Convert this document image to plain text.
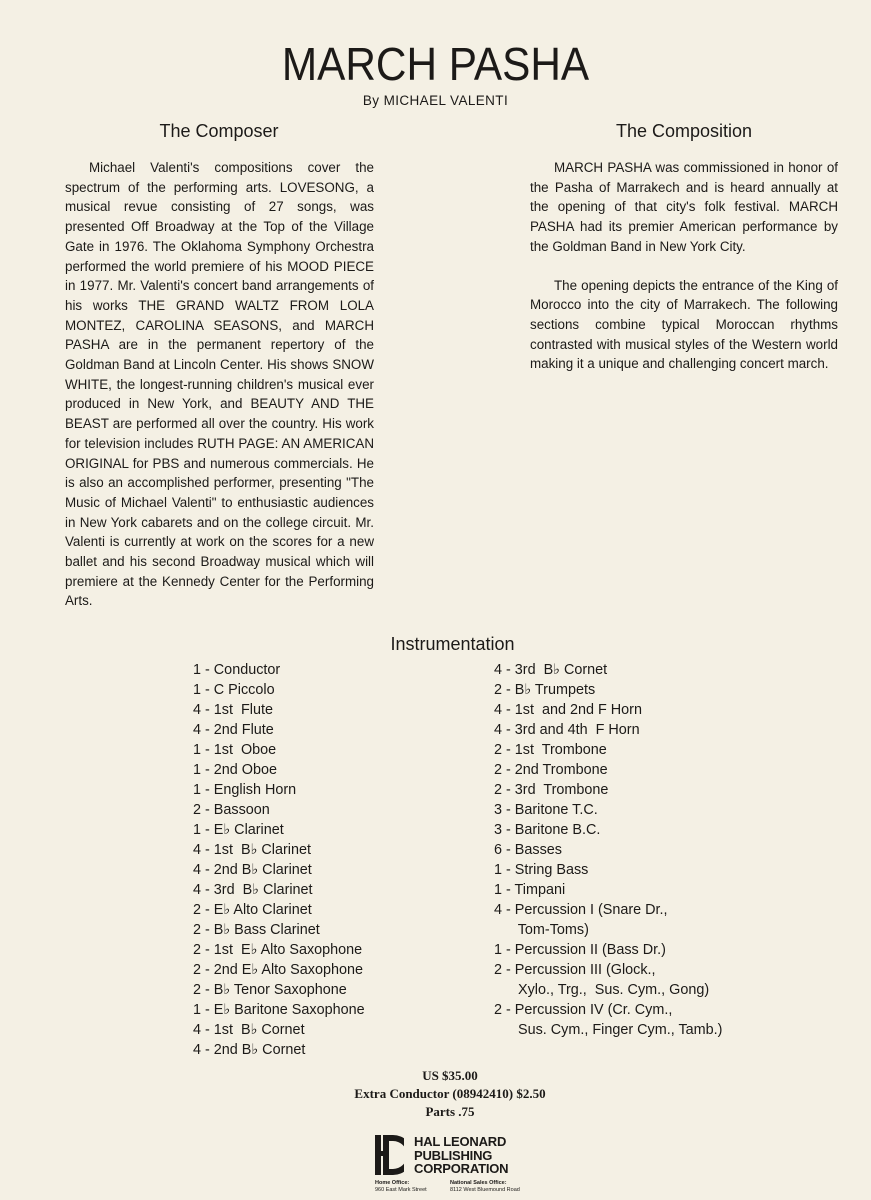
MARCH PASHA
By MICHAEL VALENTI
The Composer	The Composition

Michael Valenti's compositions cover the spectrum of the performing arts. LOVESONG, a musical revue consisting of 27 songs, was presented Off Broadway at the Top of the Village Gate in 1976. The Oklahoma Symphony Orchestra performed the world premiere of his MOOD PIECE in 1977. Mr. Valenti's concert band arrangements of his works THE GRAND WALTZ FROM LOLA MONTEZ, CAROLINA SEASONS, and MARCH PASHA are in the permanent repertory of the Goldman Band at Lincoln Center. His shows SNOW WHITE, the longest-running children's musical ever produced in New York, and BEAUTY AND THE BEAST are performed all over the country. His work for television includes RUTH PAGE: AN AMERICAN ORIGINAL for PBS and numerous commercials. He is also an accomplished performer, presenting "The Music of Michael Valenti" to enthusiastic audiences in New York cabarets and on the college circuit. Mr. Valenti is currently at work on the scores for a new ballet and his second Broadway musical which will premiere at the Kennedy Center for the Performing Arts.

MARCH PASHA was commissioned in honor of the Pasha of Marrakech and is heard annually at the opening of that city's folk festival. MARCH PASHA had its premier American performance by the Goldman Band in New York City.

The opening depicts the entrance of the King of Morocco into the city of Marrakech. The following sections combine typical Moroccan rhythms contrasted with musical styles of the Western world making it a unique and challenging concert march.

Instrumentation
1 - Conductor
1 - C Piccolo
4 - 1st  Flute
4 - 2nd Flute
1 - 1st  Oboe
1 - 2nd Oboe
1 - English Horn
2 - Bassoon
1 - E♭ Clarinet
4 - 1st  B♭ Clarinet
4 - 2nd B♭ Clarinet
4 - 3rd  B♭ Clarinet
2 - E♭ Alto Clarinet
2 - B♭ Bass Clarinet
2 - 1st  E♭ Alto Saxophone
2 - 2nd E♭ Alto Saxophone
2 - B♭ Tenor Saxophone
1 - E♭ Baritone Saxophone
4 - 1st  B♭ Cornet
4 - 2nd B♭ Cornet
4 - 3rd  B♭ Cornet
2 - B♭ Trumpets
4 - 1st  and 2nd F Horn
4 - 3rd and 4th  F Horn
2 - 1st  Trombone
2 - 2nd Trombone
2 - 3rd  Trombone
3 - Baritone T.C.
3 - Baritone B.C.
6 - Basses
1 - String Bass
1 - Timpani
4 - Percussion I (Snare Dr.,
Tom-Toms)
1 - Percussion II (Bass Dr.)
2 - Percussion III (Glock.,
Xylo., Trg.,  Sus. Cym., Gong)
2 - Percussion IV (Cr. Cym.,
Sus. Cym., Finger Cym., Tamb.)
US $35.00
Extra Conductor (08942410) $2.50
Parts .75
HAL LEONARD
PUBLISHING
CORPORATION
Home Office:
960 East Mark Street
National Sales Office:
8112 West Bluemound Road
